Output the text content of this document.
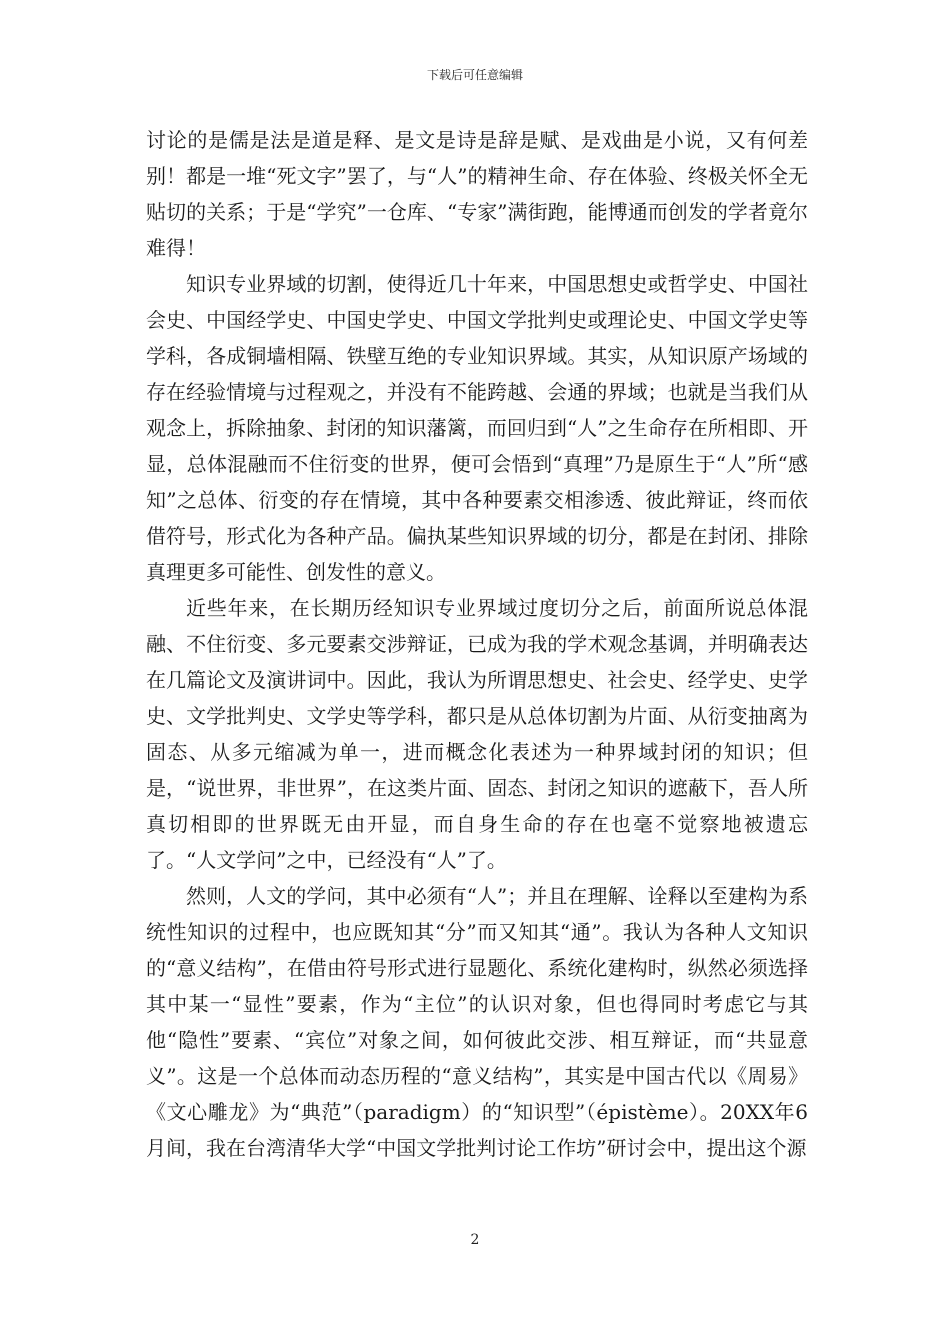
下载后可任意编辑

讨论的是儒是法是道是释、是文是诗是辞是赋、是戏曲是小说，又有何差别！都是一堆“死文字”罢了，与“人”的精神生命、存在体验、终极关怀全无贴切的关系；于是“学究”一仓库、“专家”满街跑，能博通而创发的学者竟尔难得！

知识专业界域的切割，使得近几十年来，中国思想史或哲学史、中国社会史、中国经学史、中国史学史、中国文学批判史或理论史、中国文学史等学科，各成铜墙相隔、铁壁互绝的专业知识界域。其实，从知识原产场域的存在经验情境与过程观之，并没有不能跨越、会通的界域；也就是当我们从观念上，拆除抽象、封闭的知识藩篱，而回归到“人”之生命存在所相即、开显，总体混融而不住衍变的世界，便可会悟到“真理”乃是原生于“人”所“感知”之总体、衍变的存在情境，其中各种要素交相渗透、彼此辩证，终而依借符号，形式化为各种产品。偏执某些知识界域的切分，都是在封闭、排除真理更多可能性、创发性的意义。

近些年来，在长期历经知识专业界域过度切分之后，前面所说总体混融、不住衍变、多元要素交涉辩证，已成为我的学术观念基调，并明确表达在几篇论文及演讲词中。因此，我认为所谓思想史、社会史、经学史、史学史、文学批判史、文学史等学科，都只是从总体切割为片面、从衍变抽离为固态、从多元缩减为单一，进而概念化表述为一种界域封闭的知识；但是，“说世界，非世界”，在这类片面、固态、封闭之知识的遮蔽下，吾人所真切相即的世界既无由开显，而自身生命的存在也毫不觉察地被遗忘了。“人文学问”之中，已经没有“人”了。

然则，人文的学问，其中必须有“人”；并且在理解、诠释以至建构为系统性知识的过程中，也应既知其“分”而又知其“通”。我认为各种人文知识的“意义结构”，在借由符号形式进行显题化、系统化建构时，纵然必须选择其中某一“显性”要素，作为“主位”的认识对象，但也得同时考虑它与其他“隐性”要素、“宾位”对象之间，如何彼此交涉、相互辩证，而“共显意义”。这是一个总体而动态历程的“意义结构”，其实是中国古代以《周易》《文心雕龙》为“典范”（paradigm）的“知识型”（épistème）。20XX年6月间，我在台湾清华大学“中国文学批判讨论工作坊”研讨会中，提出这个源

2
